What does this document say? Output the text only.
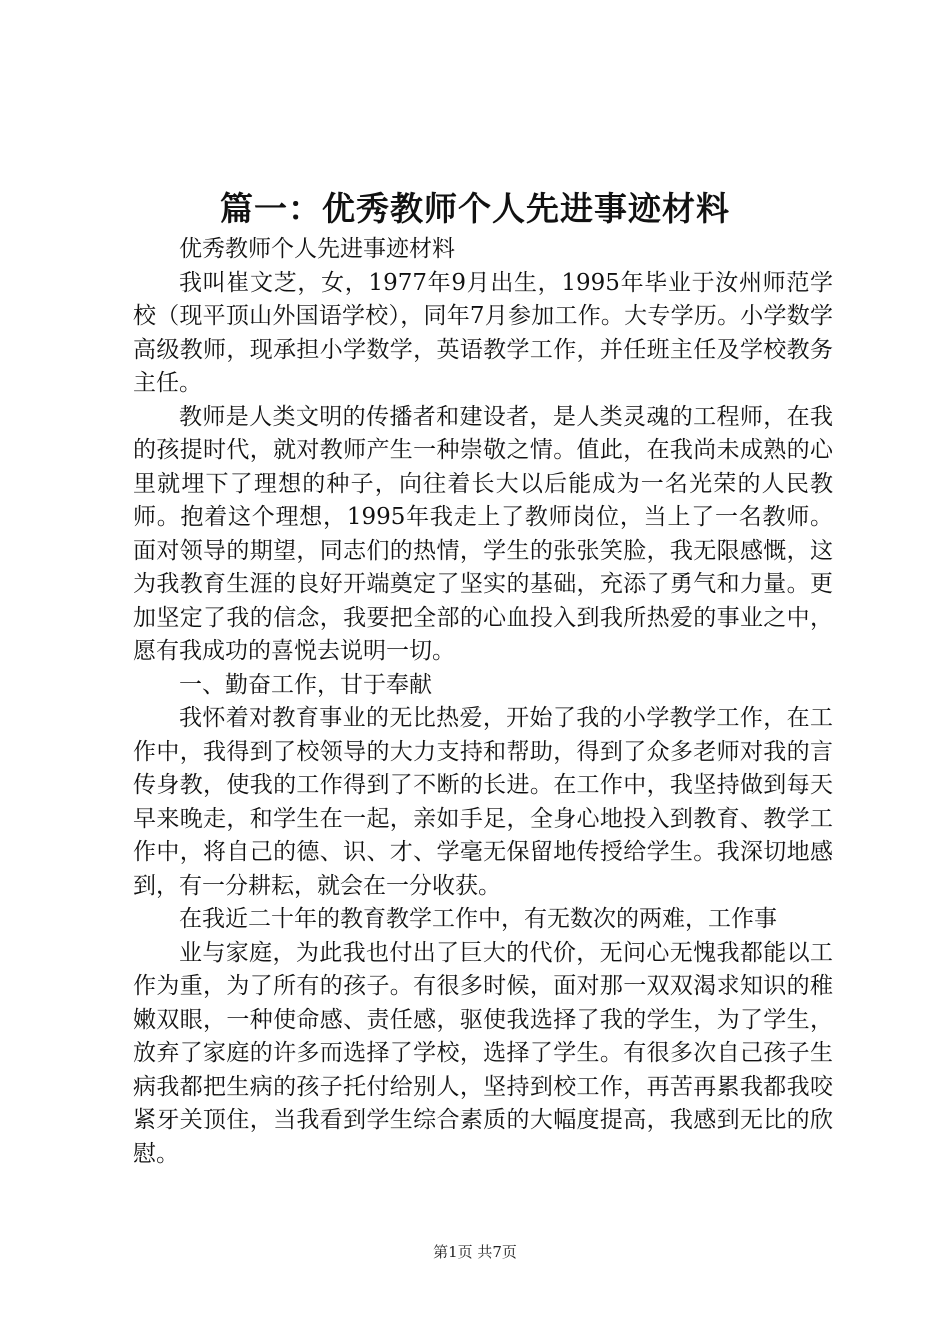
篇一：优秀教师个人先进事迹材料

优秀教师个人先进事迹材料

我叫崔文芝，女，1977年9月出生，1995年毕业于汝州师范学校（现平顶山外国语学校），同年7月参加工作。大专学历。小学数学高级教师，现承担小学数学，英语教学工作，并任班主任及学校教务主任。

教师是人类文明的传播者和建设者，是人类灵魂的工程师，在我的孩提时代，就对教师产生一种崇敬之情。值此，在我尚未成熟的心里就埋下了理想的种子，向往着长大以后能成为一名光荣的人民教师。抱着这个理想，1995年我走上了教师岗位，当上了一名教师。面对领导的期望，同志们的热情，学生的张张笑脸，我无限感慨，这为我教育生涯的良好开端奠定了坚实的基础，充添了勇气和力量。更加坚定了我的信念，我要把全部的心血投入到我所热爱的事业之中，愿有我成功的喜悦去说明一切。

一、勤奋工作，甘于奉献

我怀着对教育事业的无比热爱，开始了我的小学教学工作，在工作中，我得到了校领导的大力支持和帮助，得到了众多老师对我的言传身教，使我的工作得到了不断的长进。在工作中，我坚持做到每天早来晚走，和学生在一起，亲如手足，全身心地投入到教育、教学工作中，将自己的德、识、才、学毫无保留地传授给学生。我深切地感到，有一分耕耘，就会在一分收获。

在我近二十年的教育教学工作中，有无数次的两难，工作事

业与家庭，为此我也付出了巨大的代价，无问心无愧我都能以工作为重，为了所有的孩子。有很多时候，面对那一双双渴求知识的稚嫩双眼，一种使命感、责任感，驱使我选择了我的学生，为了学生，放弃了家庭的许多而选择了学校，选择了学生。有很多次自己孩子生病我都把生病的孩子托付给别人，坚持到校工作，再苦再累我都我咬紧牙关顶住，当我看到学生综合素质的大幅度提高，我感到无比的欣慰。

第1页 共7页
